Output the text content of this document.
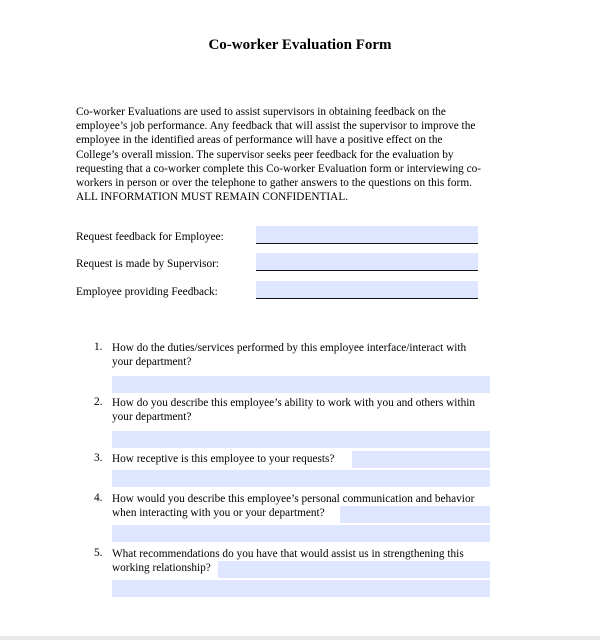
Co-worker Evaluation Form

Co-worker Evaluations are used to assist supervisors in obtaining feedback on the
employee’s job performance. Any feedback that will assist the supervisor to improve the
employee in the identified areas of performance will have a positive effect on the
College’s overall mission. The supervisor seeks peer feedback for the evaluation by
requesting that a co-worker complete this Co-worker Evaluation form or interviewing co-
workers in person or over the telephone to gather answers to the questions on this form.
ALL INFORMATION MUST REMAIN CONFIDENTIAL.

Request feedback for Employee:
Request is made by Supervisor:
Employee providing Feedback:
1. How do the duties/services performed by this employee interface/interact with
your department?
2. How do you describe this employee’s ability to work with you and others within
your department?
3. How receptive is this employee to your requests?
4. How would you describe this employee’s personal communication and behavior
when interacting with you or your department?
5. What recommendations do you have that would assist us in strengthening this
working relationship?
